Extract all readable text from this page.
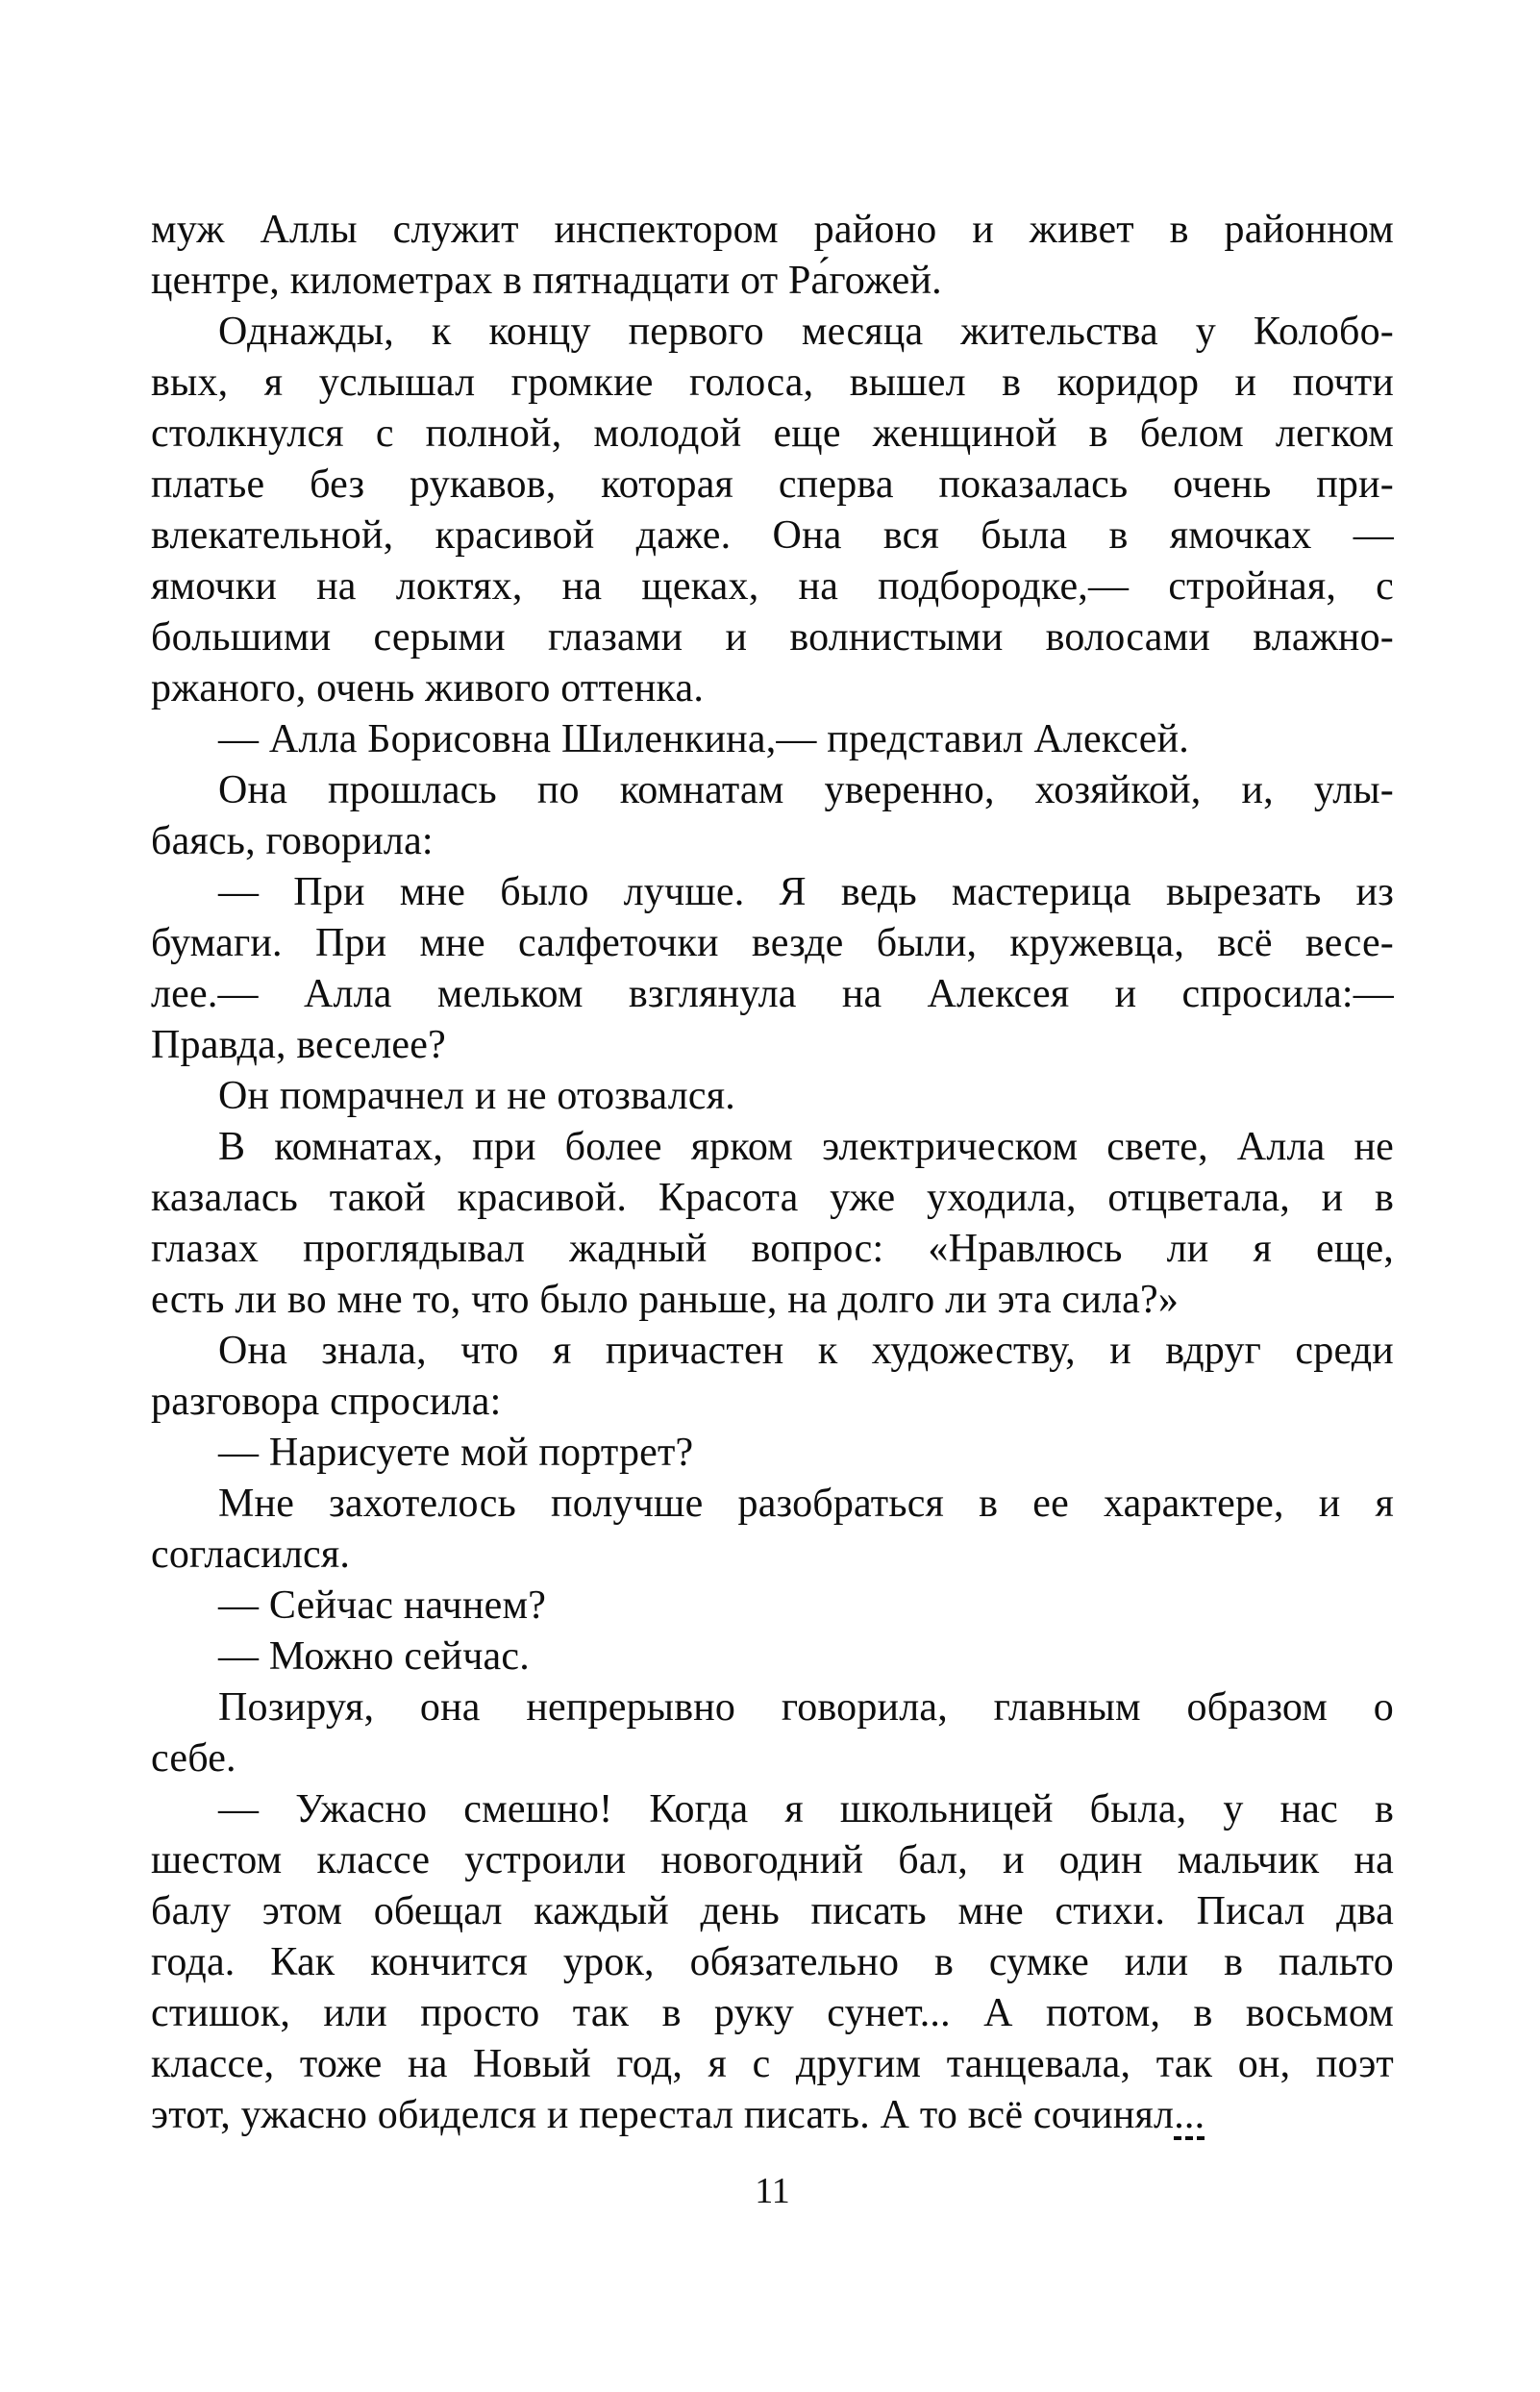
муж Аллы служит инспектором районо и живет в районном
центре, километрах в пятнадцати от Ра́гожей.
Однажды, к концу первого месяца жительства у Колобо-
вых, я услышал громкие голоса, вышел в коридор и почти
столкнулся с полной, молодой еще женщиной в белом легком
платье без рукавов, которая сперва показалась очень при-
влекательной, красивой даже. Она вся была в ямочках —
ямочки на локтях, на щеках, на подбородке,— стройная, с
большими серыми глазами и волнистыми волосами влажно-
ржаного, очень живого оттенка.
— Алла Борисовна Шиленкина,— представил Алексей.
Она прошлась по комнатам уверенно, хозяйкой, и, улы-
баясь, говорила:
— При мне было лучше. Я ведь мастерица вырезать из
бумаги. При мне салфеточки везде были, кружевца, всё весе-
лее.— Алла мельком взглянула на Алексея и спросила:—
Правда, веселее?
Он помрачнел и не отозвался.
В комнатах, при более ярком электрическом свете, Алла не
казалась такой красивой. Красота уже уходила, отцветала, и в
глазах проглядывал жадный вопрос: «Нравлюсь ли я еще,
есть ли во мне то, что было раньше, на долго ли эта сила?»
Она знала, что я причастен к художеству, и вдруг среди
разговора спросила:
— Нарисуете мой портрет?
Мне захотелось получше разобраться в ее характере, и я
согласился.
— Сейчас начнем?
— Можно сейчас.
Позируя, она непрерывно говорила, главным образом о
себе.
— Ужасно смешно! Когда я школьницей была, у нас в
шестом классе устроили новогодний бал, и один мальчик на
балу этом обещал каждый день писать мне стихи. Писал два
года. Как кончится урок, обязательно в сумке или в пальто
стишок, или просто так в руку сунет... А потом, в восьмом
классе, тоже на Новый год, я с другим танцевала, так он, поэт
этот, ужасно обиделся и перестал писать. А то всё сочинял...
11
